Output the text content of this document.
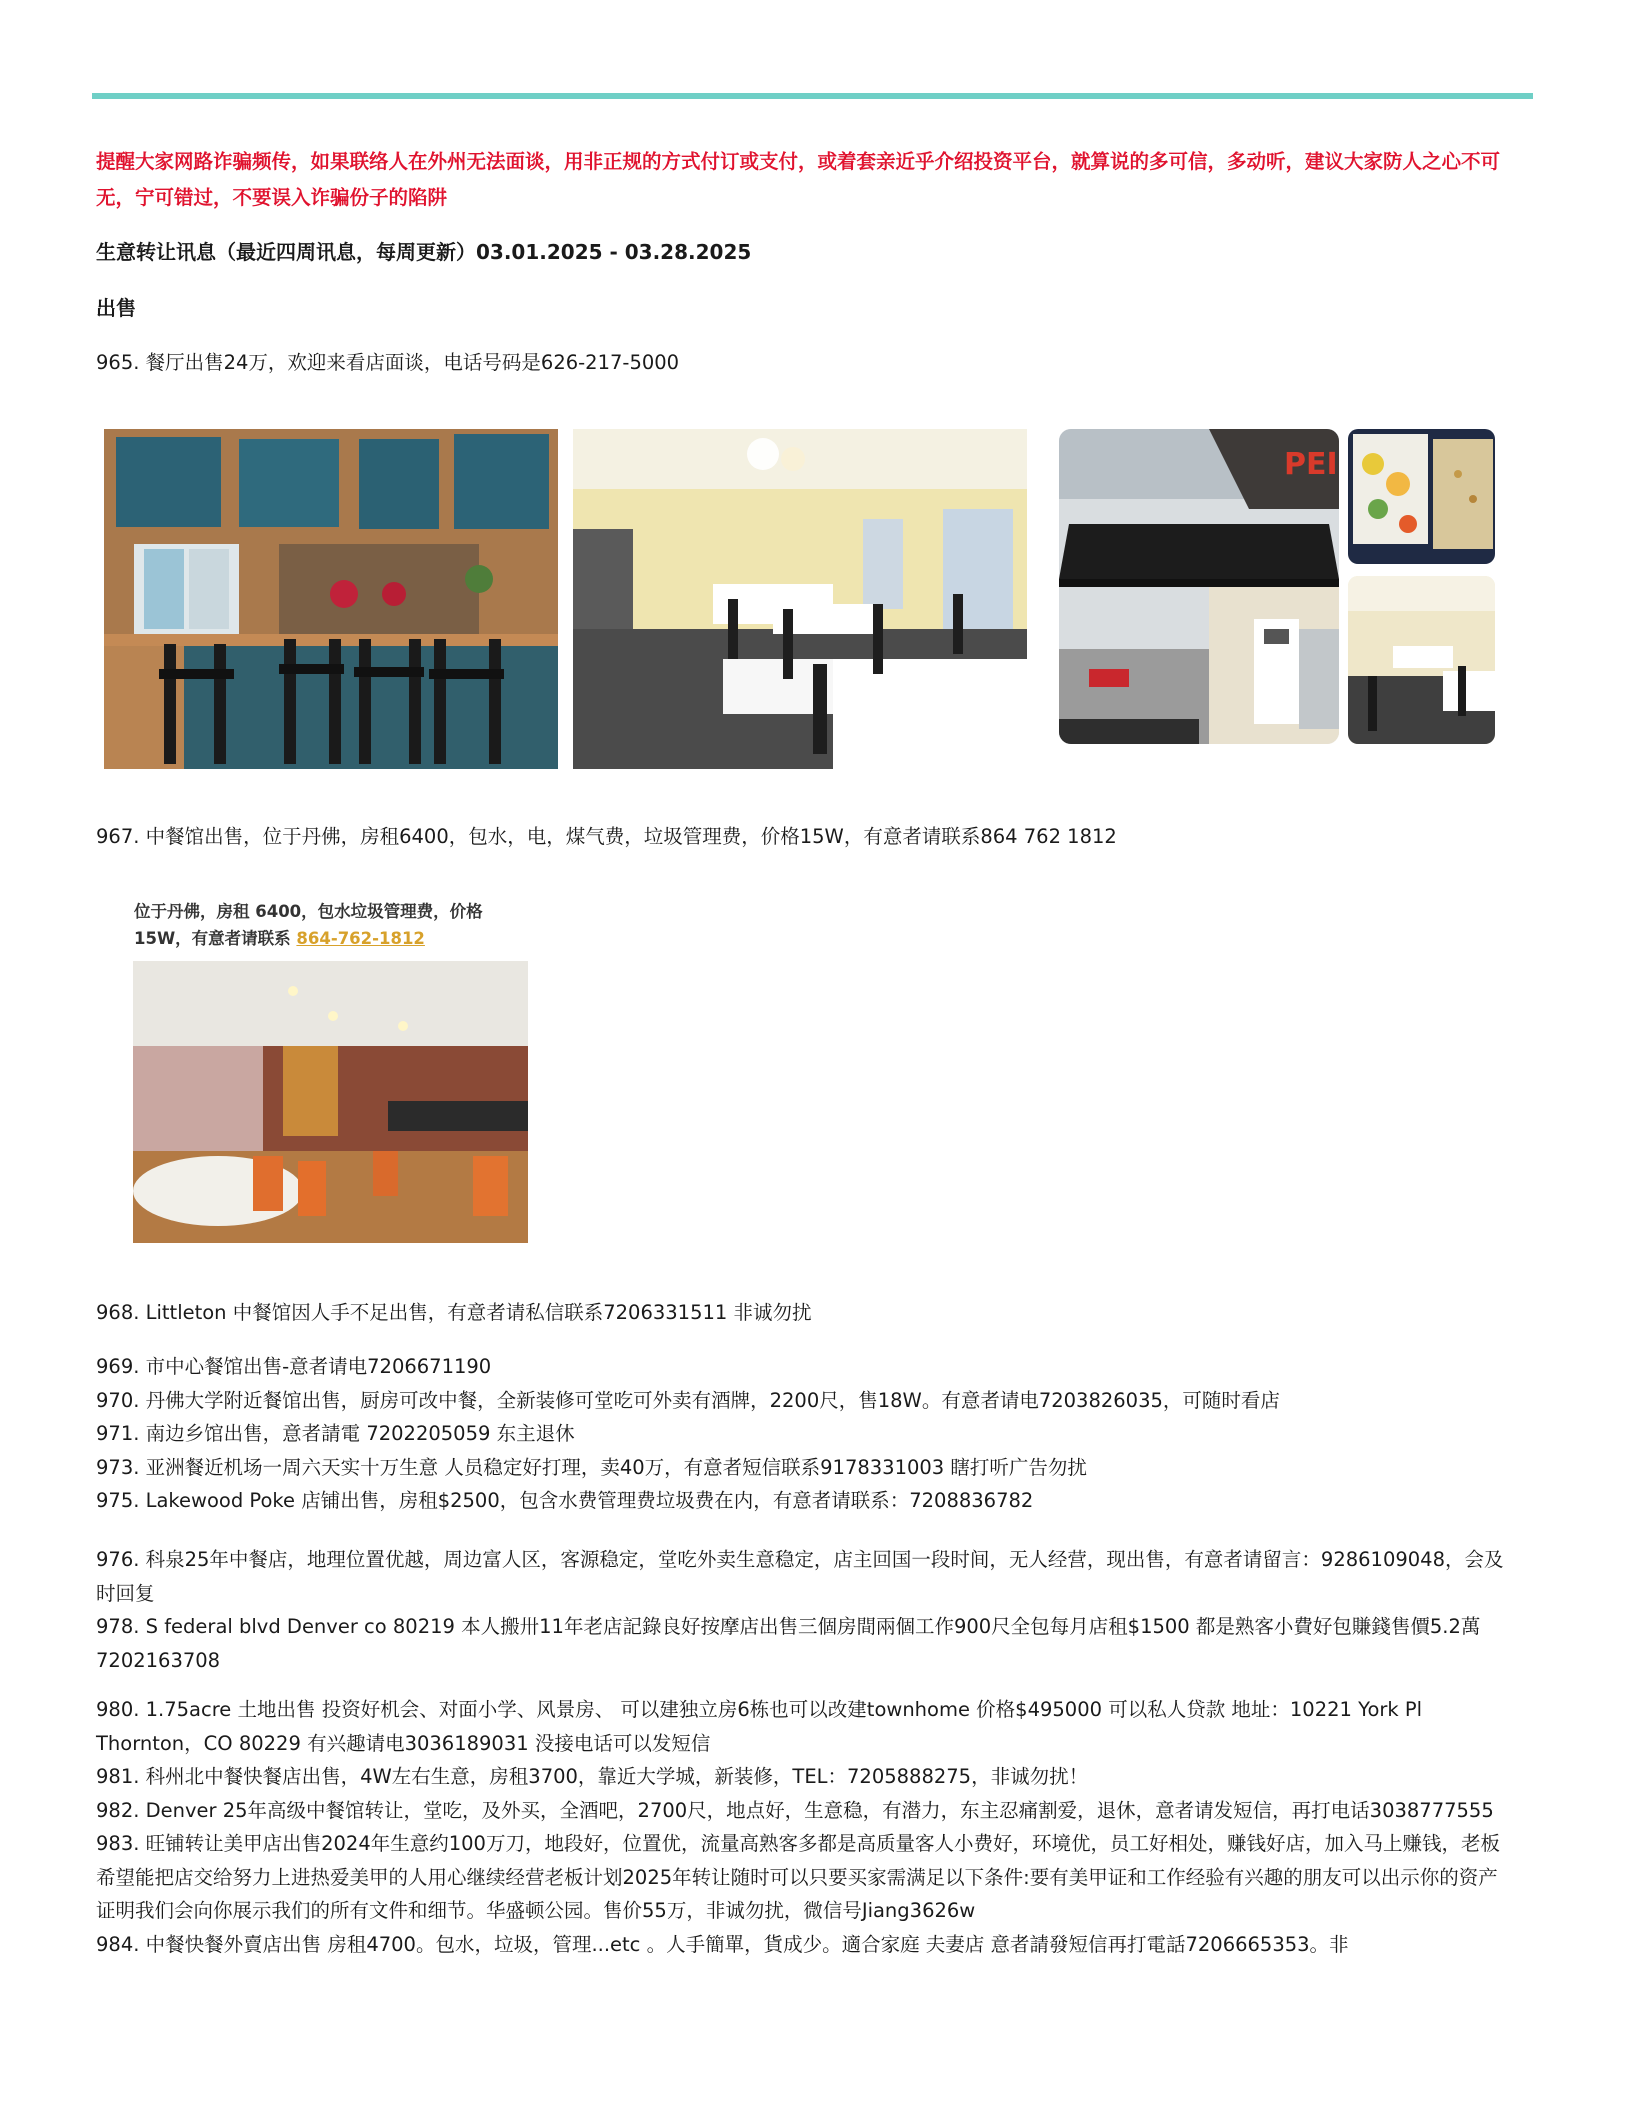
提醒大家网路诈骗频传，如果联络人在外州无法面谈，用非正规的方式付订或支付，或着套亲近乎介绍投资平台，就算说的多可信，多动听，建议大家防人之心不可无，宁可错过，不要误入诈骗份子的陷阱
生意转让讯息（最近四周讯息，每周更新）03.01.2025 - 03.28.2025
出售
965. 餐厅出售24万，欢迎来看店面谈，电话号码是626-217-5000
PEI
967. 中餐馆出售，位于丹佛，房租6400，包水，电，煤气费，垃圾管理费，价格15W，有意者请联系864 762 1812
位于丹佛，房租 6400，包水垃圾管理费，价格
15W，有意者请联系 864-762-1812
968. Littleton 中餐馆因人手不足出售，有意者请私信联系7206331511 非诚勿扰

969. 市中心餐馆出售-意者请电7206671190

970. 丹佛大学附近餐馆出售，厨房可改中餐，全新装修可堂吃可外卖有酒牌，2200尺，售18W。有意者请电7203826035，可随时看店

971. 南边乡馆出售，意者請電 7202205059 东主退休

973. 亚洲餐近机场一周六天实十万生意 人员稳定好打理，卖40万，有意者短信联系9178331003 瞎打听广告勿扰

975. Lakewood Poke 店铺出售，房租$2500，包含水费管理费垃圾费在内，有意者请联系：7208836782

976. 科泉25年中餐店，地理位置优越，周边富人区，客源稳定，堂吃外卖生意稳定，店主回国一段时间，无人经营，现出售，有意者请留言：9286109048，会及时回复

978. S federal blvd Denver co 80219 本人搬卅11年老店記錄良好按摩店出售三個房間兩個工作900尺全包每月店租$1500 都是熟客小費好包賺錢售價5.2萬7202163708

980. 1.75acre 土地出售 投资好机会、对面小学、风景房、 可以建独立房6栋也可以改建townhome 价格$495000 可以私人贷款 地址：10221 York Pl Thornton，CO 80229 有兴趣请电3036189031 没接电话可以发短信

981. 科州北中餐快餐店出售，4W左右生意，房租3700，靠近大学城，新装修，TEL：7205888275，非诚勿扰！

982. Denver 25年高级中餐馆转让，堂吃，及外买，全酒吧，2700尺，地点好，生意稳，有潜力，东主忍痛割爱，退休，意者请发短信，再打电话3038777555

983. 旺铺转让美甲店出售2024年生意约100万刀，地段好，位置优，流量高熟客多都是高质量客人小费好，环境优，员工好相处，赚钱好店，加入马上赚钱，老板希望能把店交给努力上进热爱美甲的人用心继续经营老板计划2025年转让随时可以只要买家需满足以下条件:要有美甲证和工作经验有兴趣的朋友可以出示你的资产证明我们会向你展示我们的所有文件和细节。华盛顿公园。售价55万，非诚勿扰，微信号Jiang3626w

984. 中餐快餐外賣店出售 房租4700。包水，垃圾，管理...etc 。人手簡單，貨成少。適合家庭 夫妻店 意者請發短信再打電話7206665353。非
